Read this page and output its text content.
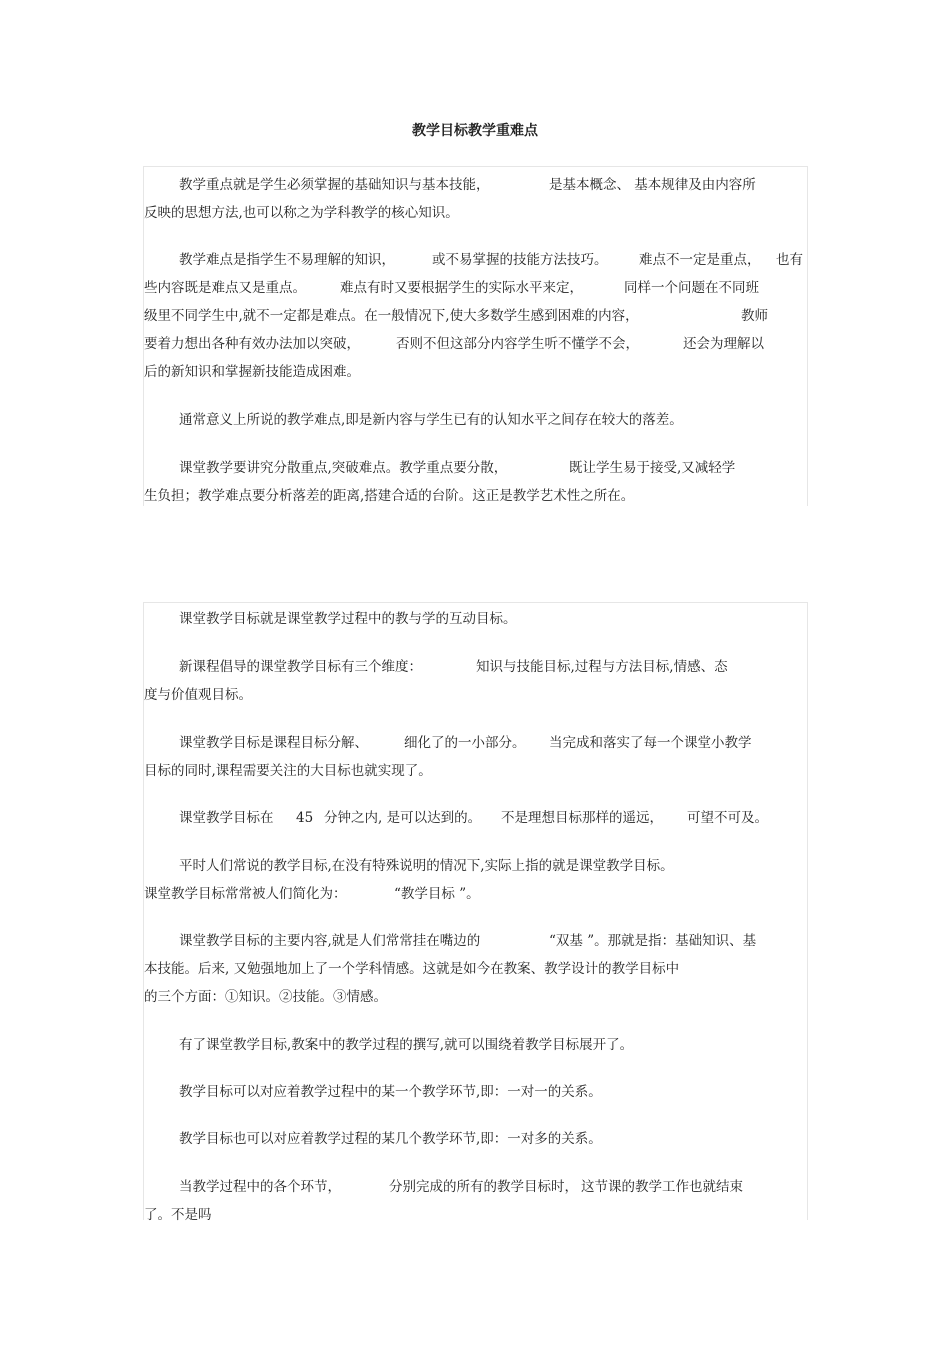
教学目标教学重难点
教学重点就是学生必须掌握的基础知识与基本技能，	是基本概念、 基本规律及由内容所
反映的思想方法,也可以称之为学科教学的核心知识。
教学难点是指学生不易理解的知识，	或不易掌握的技能方法技巧。 难点不一定是重点， 也有
些内容既是难点又是重点。	难点有时又要根据学生的实际水平来定，	同样一个问题在不同班
级里不同学生中,就不一定都是难点。在一般情况下,使大多数学生感到困难的内容，	教师
要着力想出各种有效办法加以突破，	否则不但这部分内容学生听不懂学不会，	还会为理解以
后的新知识和掌握新技能造成困难。
通常意义上所说的教学难点,即是新内容与学生已有的认知水平之间存在较大的落差。
课堂教学要讲究分散重点,突破难点。教学重点要分散，	既让学生易于接受,又减轻学
生负担；教学难点要分析落差的距离,搭建合适的台阶。这正是教学艺术性之所在。
课堂教学目标就是课堂教学过程中的教与学的互动目标。
新课程倡导的课堂教学目标有三个维度：	知识与技能目标,过程与方法目标,情感、态
度与价值观目标。
课堂教学目标是课程目标分解、	细化了的一小部分。 当完成和落实了每一个课堂小教学
目标的同时,课程需要关注的大目标也就实现了。
课堂教学目标在 45 分钟之内, 是可以达到的。 不是理想目标那样的遥远， 可望不可及。
平时人们常说的教学目标,在没有特殊说明的情况下,实际上指的就是课堂教学目标。
课堂教学目标常常被人们简化为：	“教学目标 ”。
课堂教学目标的主要内容,就是人们常常挂在嘴边的	“双基 ”。那就是指：基础知识、基
本技能。后来, 又勉强地加上了一个学科情感。这就是如今在教案、教学设计的教学目标中
的三个方面：①知识。②技能。③情感。
有了课堂教学目标,教案中的教学过程的撰写,就可以围绕着教学目标展开了。
教学目标可以对应着教学过程中的某一个教学环节,即：一对一的关系。
教学目标也可以对应着教学过程的某几个教学环节,即：一对多的关系。
当教学过程中的各个环节，	分别完成的所有的教学目标时， 这节课的教学工作也就结束
了。不是吗
